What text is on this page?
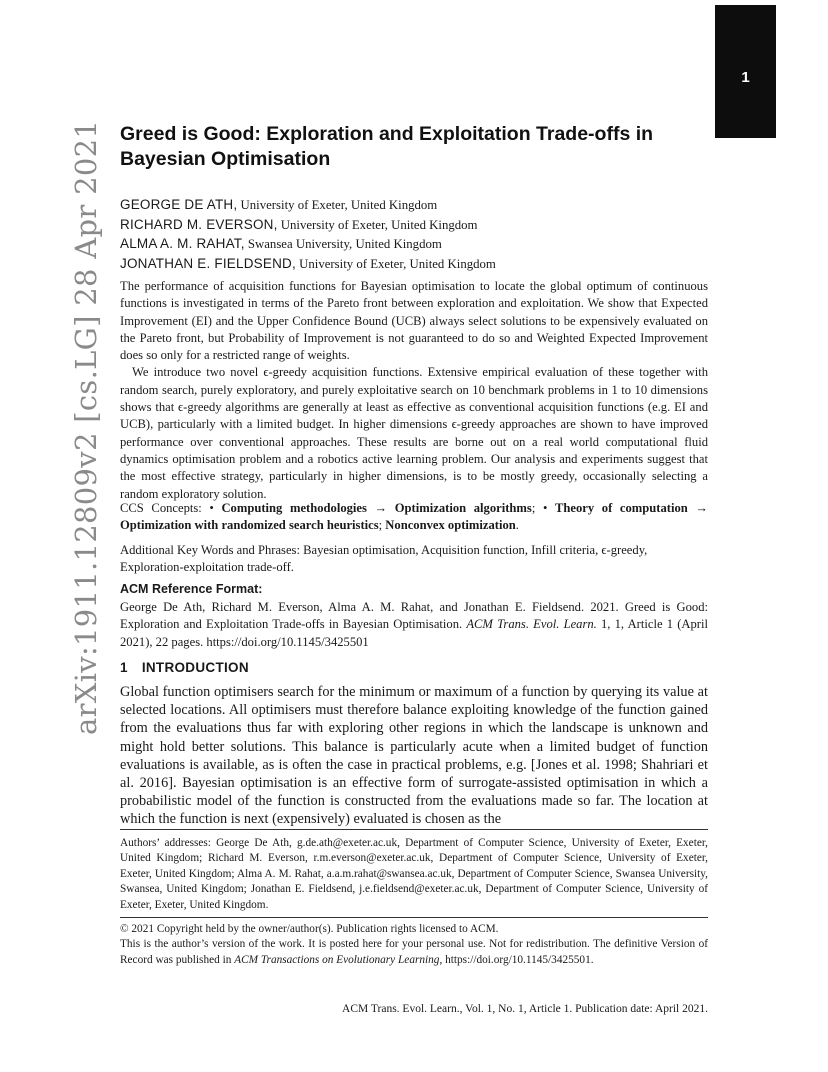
1
arXiv:1911.12809v2 [cs.LG] 28 Apr 2021 Greed is Good: Exploration and Exploitation Trade-offs in Bayesian Optimisation
GEORGE DE ATH, University of Exeter, United Kingdom
RICHARD M. EVERSON, University of Exeter, United Kingdom
ALMA A. M. RAHAT, Swansea University, United Kingdom
JONATHAN E. FIELDSEND, University of Exeter, United Kingdom

The performance of acquisition functions for Bayesian optimisation to locate the global optimum of continuous functions is investigated in terms of the Pareto front between exploration and exploitation. We show that Expected Improvement (EI) and the Upper Confidence Bound (UCB) always select solutions to be expensively evaluated on the Pareto front, but Probability of Improvement is not guaranteed to do so and Weighted Expected Improvement does so only for a restricted range of weights.

We introduce two novel ϵ-greedy acquisition functions. Extensive empirical evaluation of these together with random search, purely exploratory, and purely exploitative search on 10 benchmark problems in 1 to 10 dimensions shows that ϵ-greedy algorithms are generally at least as effective as conventional acquisition functions (e.g. EI and UCB), particularly with a limited budget. In higher dimensions ϵ-greedy approaches are shown to have improved performance over conventional approaches. These results are borne out on a real world computational fluid dynamics optimisation problem and a robotics active learning problem. Our analysis and experiments suggest that the most effective strategy, particularly in higher dimensions, is to be mostly greedy, occasionally selecting a random exploratory solution.

CCS Concepts: • Computing methodologies → Optimization algorithms; • Theory of computation → Optimization with randomized search heuristics; Nonconvex optimization.
Additional Key Words and Phrases: Bayesian optimisation, Acquisition function, Infill criteria, ϵ-greedy, Exploration-exploitation trade-off.
ACM Reference Format:
George De Ath, Richard M. Everson, Alma A. M. Rahat, and Jonathan E. Fieldsend. 2021. Greed is Good: Exploration and Exploitation Trade-offs in Bayesian Optimisation. ACM Trans. Evol. Learn. 1, 1, Article 1 (April 2021), 22 pages. https://doi.org/10.1145/3425501
1 INTRODUCTION

Global function optimisers search for the minimum or maximum of a function by querying its value at selected locations. All optimisers must therefore balance exploiting knowledge of the function gained from the evaluations thus far with exploring other regions in which the landscape is unknown and might hold better solutions. This balance is particularly acute when a limited budget of function evaluations is available, as is often the case in practical problems, e.g. [Jones et al. 1998; Shahriari et al. 2016]. Bayesian optimisation is an effective form of surrogate-assisted optimisation in which a probabilistic model of the function is constructed from the evaluations made so far. The location at which the function is next (expensively) evaluated is chosen as the

Authors’ addresses: George De Ath, g.de.ath@exeter.ac.uk, Department of Computer Science, University of Exeter, Exeter, United Kingdom; Richard M. Everson, r.m.everson@exeter.ac.uk, Department of Computer Science, University of Exeter, Exeter, United Kingdom; Alma A. M. Rahat, a.a.m.rahat@swansea.ac.uk, Department of Computer Science, Swansea University, Swansea, United Kingdom; Jonathan E. Fieldsend, j.e.fieldsend@exeter.ac.uk, Department of Computer Science, University of Exeter, Exeter, United Kingdom.
© 2021 Copyright held by the owner/author(s). Publication rights licensed to ACM.
This is the author’s version of the work. It is posted here for your personal use. Not for redistribution. The definitive Version of Record was published in ACM Transactions on Evolutionary Learning, https://doi.org/10.1145/3425501.
ACM Trans. Evol. Learn., Vol. 1, No. 1, Article 1. Publication date: April 2021.
